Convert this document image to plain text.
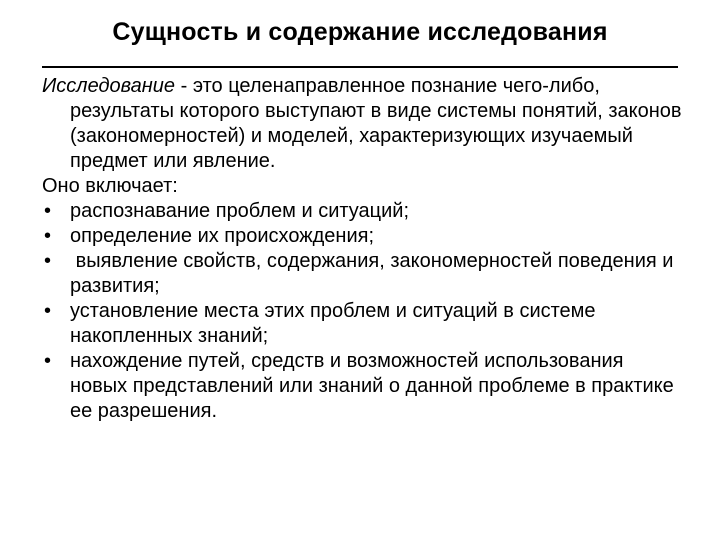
Сущность и содержание исследования

Исследование - это целенаправленное познание чего-либо, результаты которого выступают в виде системы понятий, законов (закономерностей) и моделей, характеризующих изучаемый предмет или явление.

Оно включает:

• распознавание проблем и ситуаций;
• определение их происхождения;
• выявление свойств, содержания, закономерностей поведения и развития;
• установление места этих проблем и ситуаций в системе накопленных знаний;
• нахождение путей, средств и возможностей использования новых представлений или знаний о данной проблеме в практике ее разрешения.
